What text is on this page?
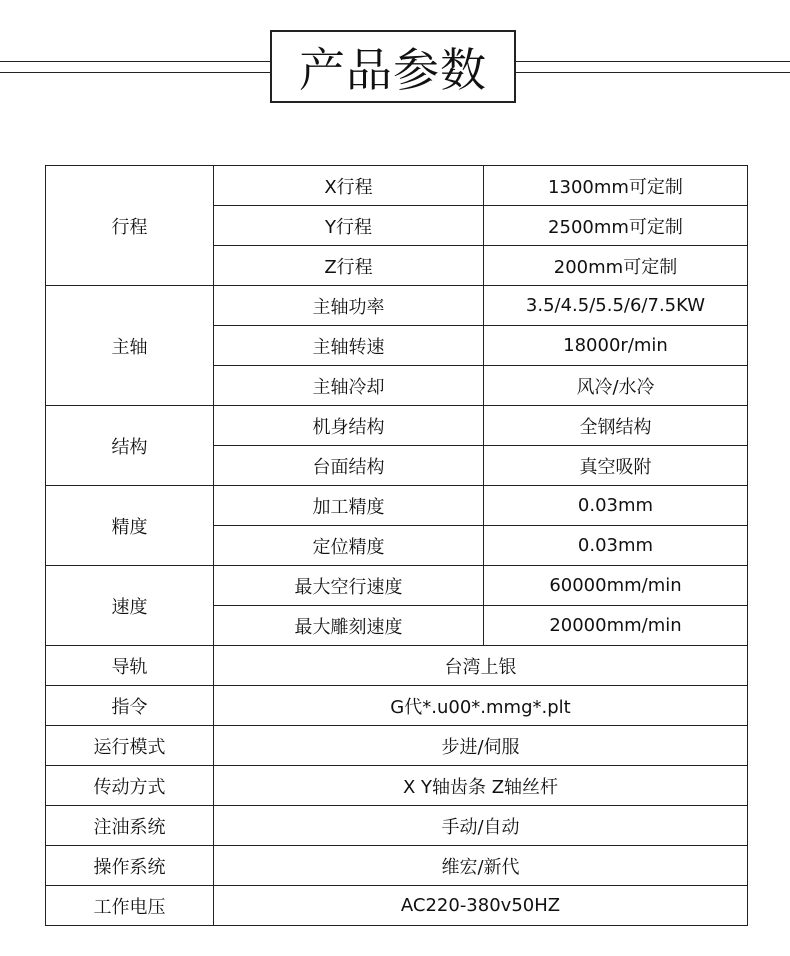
产品参数
行程	X行程	1300mm可定制
	Y行程	2500mm可定制
	Z行程	200mm可定制
主轴	主轴功率	3.5/4.5/5.5/6/7.5KW
	主轴转速	18000r/min
	主轴冷却	风冷/水冷
结构	机身结构	全钢结构
	台面结构	真空吸附
精度	加工精度	0.03mm
	定位精度	0.03mm
速度	最大空行速度	60000mm/min
	最大雕刻速度	20000mm/min
导轨	台湾上银	
指令	G代*.u00*.mmg*.plt	
运行模式	步进/伺服	
传动方式	X Y轴齿条 Z轴丝杆	
注油系统	手动/自动	
操作系统	维宏/新代	
工作电压	AC220-380v50HZ	
